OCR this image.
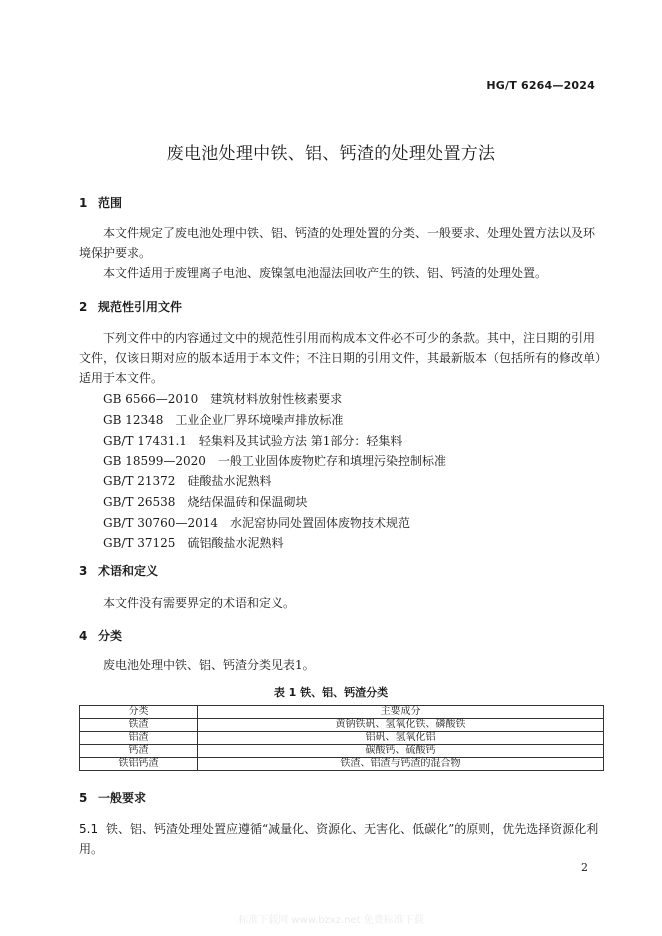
HG/T 6264—2024
废电池处理中铁、铝、钙渣的处理处置方法
1 范围
本文件规定了废电池处理中铁、铝、钙渣的处理处置的分类、一般要求、处理处置方法以及环境保护要求。
本文件适用于废锂离子电池、废镍氢电池湿法回收产生的铁、铝、钙渣的处理处置。
2 规范性引用文件
下列文件中的内容通过文中的规范性引用而构成本文件必不可少的条款。其中，注日期的引用文件，仅该日期对应的版本适用于本文件；不注日期的引用文件，其最新版本（包括所有的修改单）适用于本文件。
GB 6566—2010 建筑材料放射性核素要求
GB 12348 工业企业厂界环境噪声排放标准
GB/T 17431.1 轻集料及其试验方法 第1部分：轻集料
GB 18599—2020 一般工业固体废物贮存和填埋污染控制标准
GB/T 21372 硅酸盐水泥熟料
GB/T 26538 烧结保温砖和保温砌块
GB/T 30760—2014 水泥窑协同处置固体废物技术规范
GB/T 37125 硫铝酸盐水泥熟料
3 术语和定义
本文件没有需要界定的术语和定义。
4 分类
废电池处理中铁、铝、钙渣分类见表1。
表 1 铁、铝、钙渣分类
分类	主要成分
铁渣	黄钠铁矾、氢氧化铁、磷酸铁
铝渣	铝矾、氢氧化铝
钙渣	碳酸钙、硫酸钙
铁铝钙渣	铁渣、铝渣与钙渣的混合物
5 一般要求
5.1 铁、铝、钙渣处理处置应遵循“减量化、资源化、无害化、低碳化”的原则，优先选择资源化利用。
2
标准下载网 www.bzxz.net 免费标准下载
